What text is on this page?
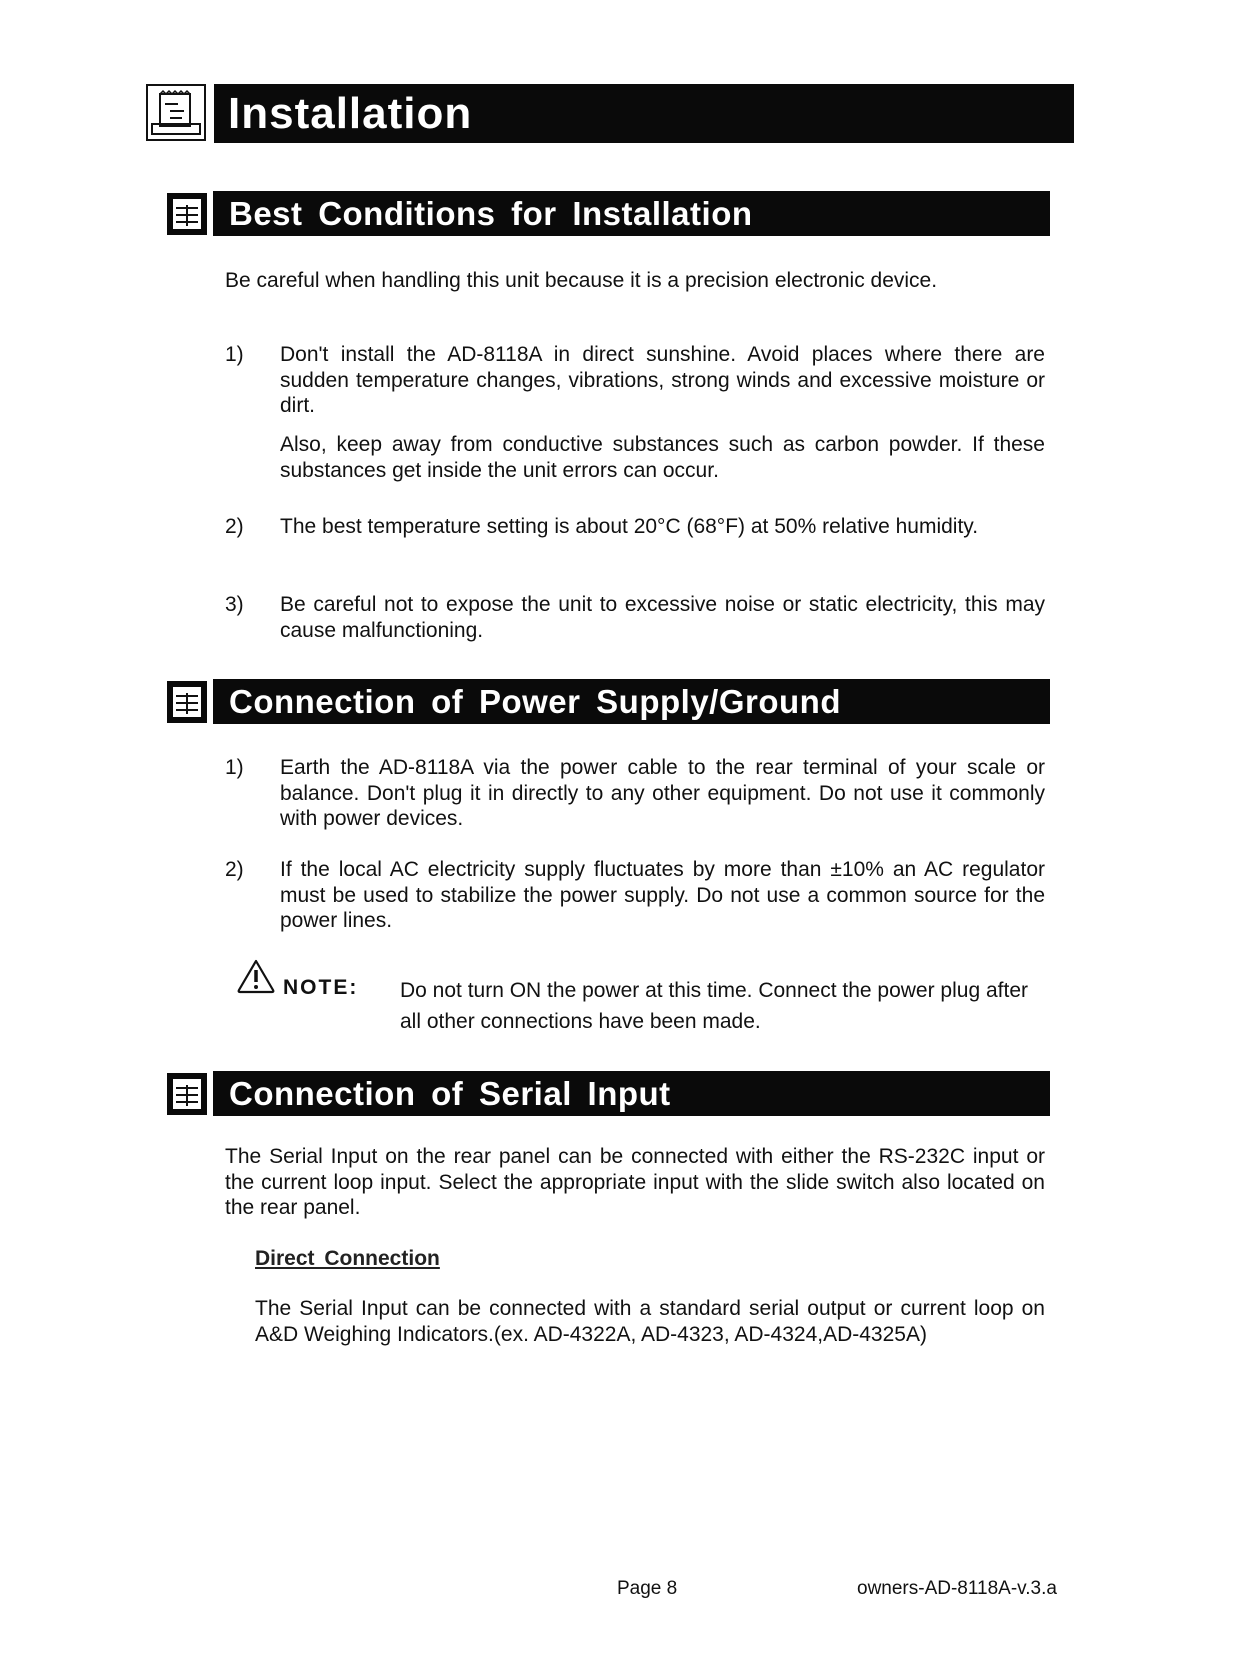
Installation
Best Conditions for Installation
Be careful when handling this unit because it is a precision electronic device.
1) Don't install the AD-8118A in direct sunshine. Avoid places where there are sudden temperature changes, vibrations, strong winds and excessive moisture or dirt.
Also, keep away from conductive substances such as carbon powder. If these substances get inside the unit errors can occur.
2) The best temperature setting is about 20°C (68°F) at 50% relative humidity.
3) Be careful not to expose the unit to excessive noise or static electricity, this may cause malfunctioning.
Connection of Power Supply/Ground
1) Earth the AD-8118A via the power cable to the rear terminal of your scale or balance. Don't plug it in directly to any other equipment. Do not use it commonly with power devices.
2) If the local AC electricity supply fluctuates by more than ±10% an AC regulator must be used to stabilize the power supply. Do not use a common source for the power lines.
NOTE: Do not turn ON the power at this time. Connect the power plug after all other connections have been made.
Connection of Serial Input
The Serial Input on the rear panel can be connected with either the RS-232C input or the current loop input. Select the appropriate input with the slide switch also located on the rear panel.
Direct Connection
The Serial Input can be connected with a standard serial output or current loop on A&D Weighing Indicators.(ex. AD-4322A, AD-4323, AD-4324,AD-4325A)
Page 8	owners-AD-8118A-v.3.a
